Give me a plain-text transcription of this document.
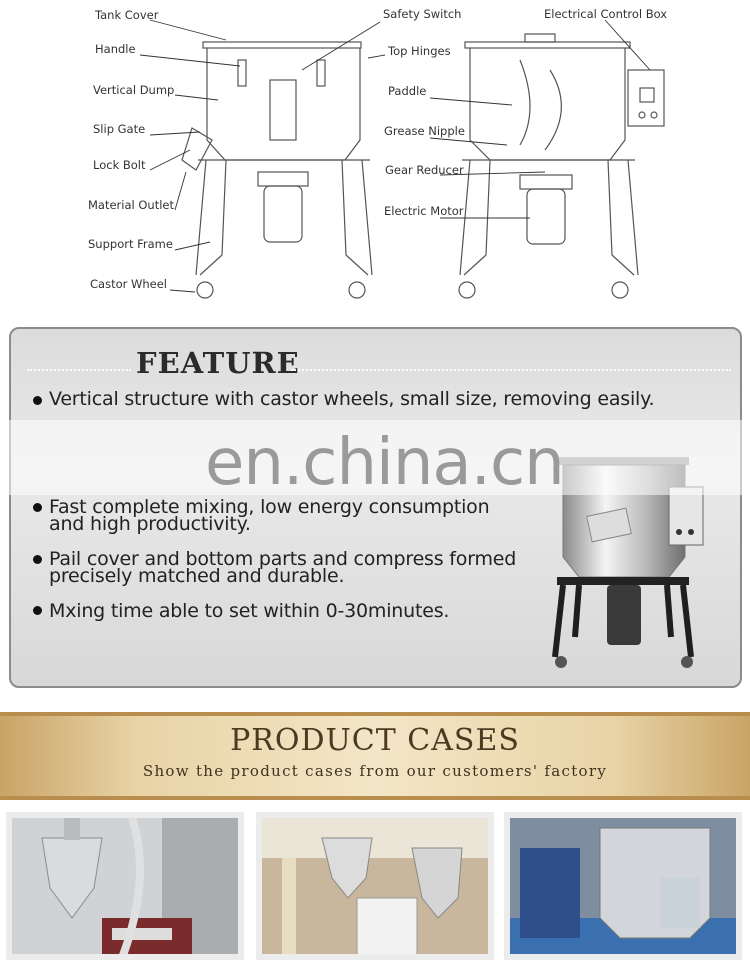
Tank Cover
Handle
Vertical Dump
Slip Gate
Lock Bolt
Material Outlet
Support Frame
Castor Wheel
Safety Switch
Top Hinges
Paddle
Grease Nipple
Gear Reducer
Electric Motor
Electrical Control Box
FEATURE
Vertical structure with castor wheels, small size, removing easily.
Fast complete mixing, low energy consumption and high productivity.
Pail cover and bottom parts and compress formed precisely matched and durable.
Mxing time able to set within 0-30minutes.
en.china.cn
PRODUCT CASES
Show the product cases from our customers' factory
